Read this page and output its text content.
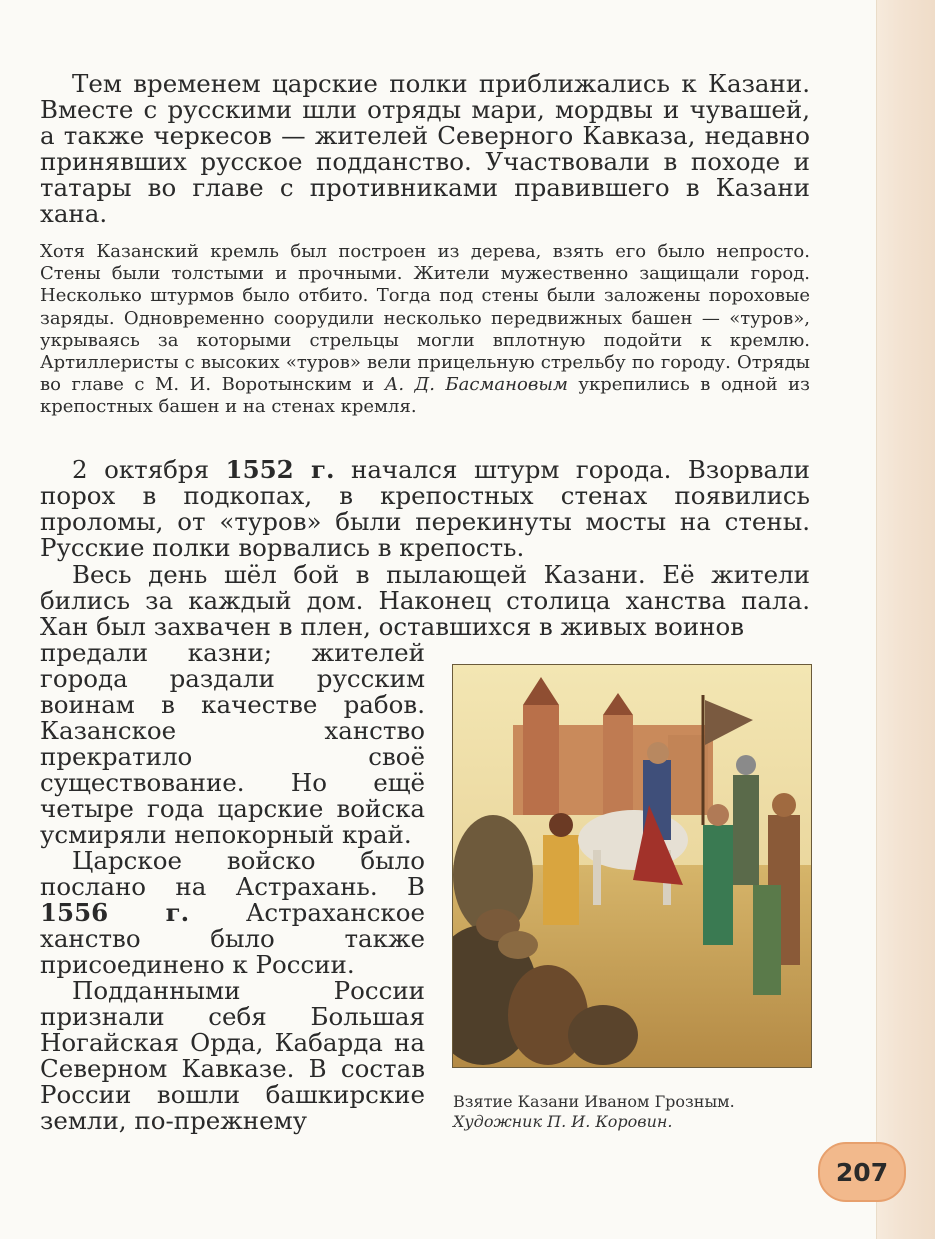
Тем временем царские полки приближались к Казани. Вместе с русскими шли отряды мари, мордвы и чувашей, а также черкесов — жителей Северного Кавказа, недавно принявших русское подданство. Участвовали в походе и татары во главе с противниками правившего в Казани хана.

Хотя Казанский кремль был построен из дерева, взять его было непросто. Стены были толстыми и прочными. Жители мужественно защищали город. Несколько штурмов было отбито. Тогда под стены были заложены пороховые заряды. Одновременно соорудили несколько передвижных башен — «туров», укрываясь за которыми стрельцы могли вплотную подойти к кремлю. Артиллеристы с высоких «туров» вели прицельную стрельбу по городу. Отряды во главе с М. И. Воротынским и А. Д. Басмановым укрепились в одной из крепостных башен и на стенах кремля.

2 октября 1552 г. начался штурм города. Взорвали порох в подкопах, в крепостных стенах появились проломы, от «туров» были перекинуты мосты на стены. Русские полки ворвались в крепость.

Весь день шёл бой в пылающей Казани. Её жители бились за каждый дом. Наконец столица ханства пала. Хан был захвачен в плен, оставшихся в живых воинов

предали казни; жителей города раздали русским воинам в качестве рабов. Казанское ханство прекратило своё существование. Но ещё четыре года царские войска усмиряли непокорный край.

Царское войско было послано на Астрахань. В 1556 г. Астраханское ханство было также присоединено к России.

Подданными России признали себя Большая Ногайская Орда, Кабарда на Северном Кавказе. В состав России вошли башкирские земли, по-прежнему

Взятие Казани Иваном Грозным.
Художник П. И. Коровин.
207
